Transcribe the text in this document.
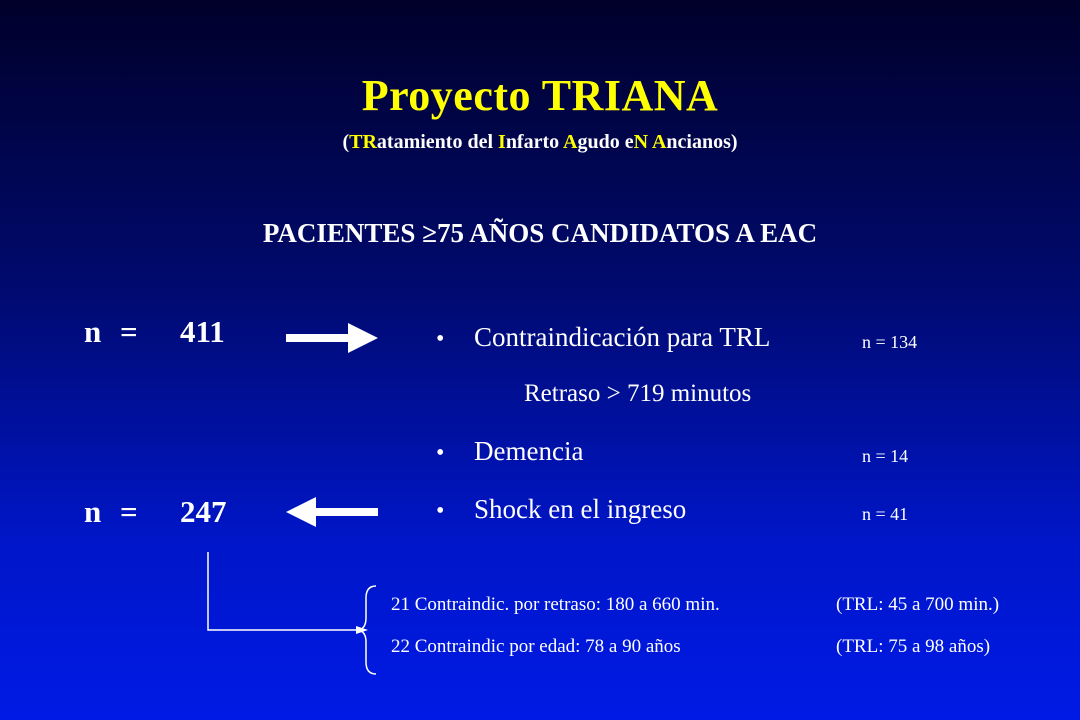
Proyecto TRIANA
(TRatamiento del Infarto Agudo eN Ancianos)
PACIENTES ≥75 AÑOS CANDIDATOS A EAC
n = 411
n = 247
• Contraindicación para TRL	n = 134
Retraso > 719 minutos
• Demencia	n = 14
• Shock en el ingreso	n = 41
21 Contraindic. por retraso: 180 a 660 min.	(TRL: 45 a 700 min.)
22 Contraindic por edad: 78 a 90 años	(TRL: 75 a 98 años)
